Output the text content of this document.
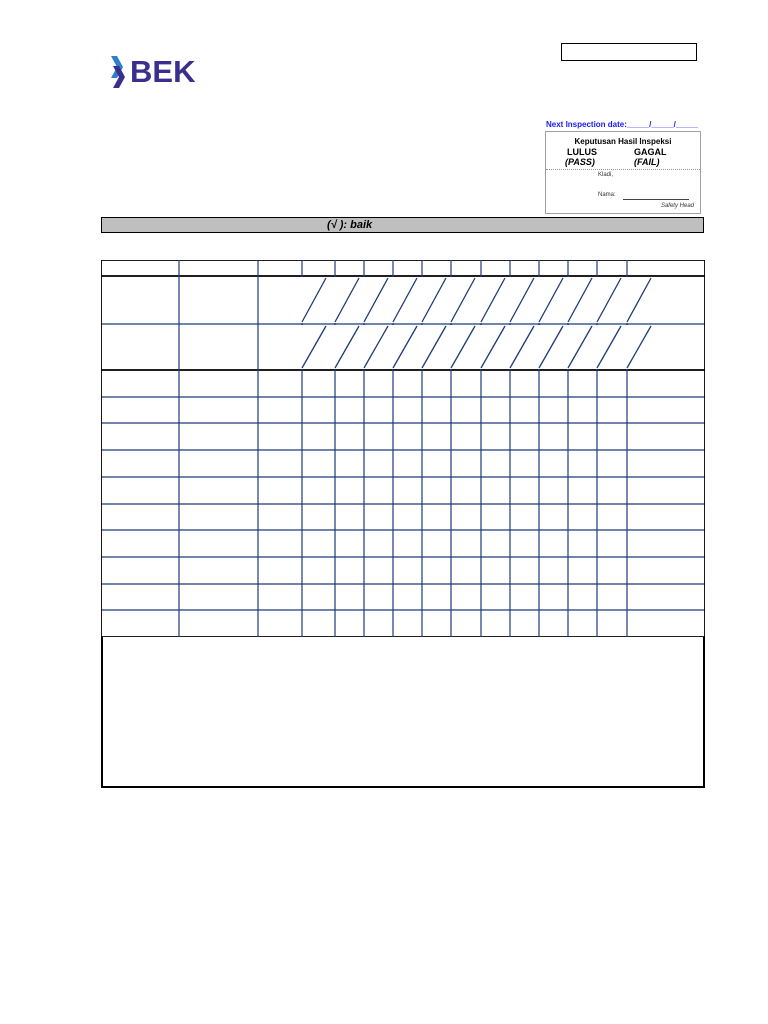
BEK
Next Inspection date:_____/_____/_____
Keputusan Hasil Inspeksi
LULUS	GAGAL
(PASS)	(FAIL)
Kladi,
Nama:
Safety Head
(√ ): baik
